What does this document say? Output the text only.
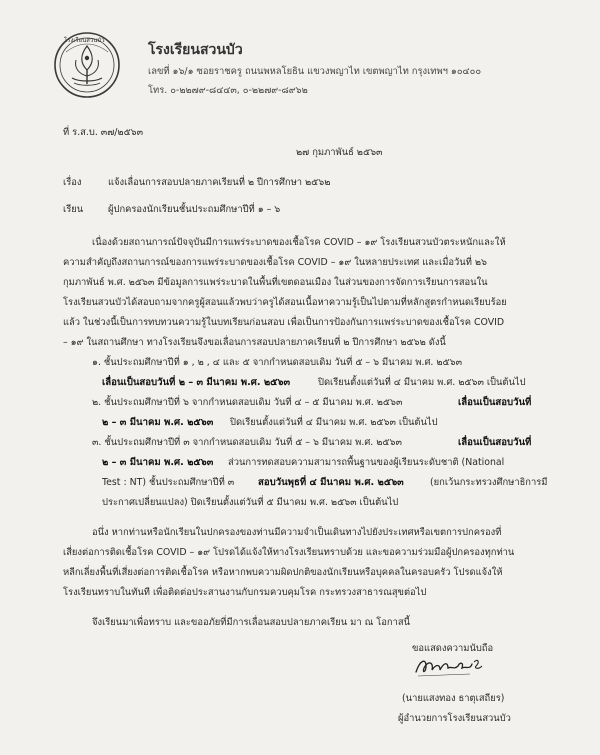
โรงเรียนสวนบัว
โรงเรียนสวนบัว
เลขที่ ๑๖/๑ ซอยราชครู ถนนพหลโยธิน แขวงพญาไท เขตพญาไท กรุงเทพฯ ๑๐๔๐๐
โทร. ๐-๒๒๗๙-๘๔๔๓, ๐-๒๒๗๙-๘๙๖๒
ที่ ร.ส.บ. ๓๗/๒๕๖๓
๒๗ กุมภาพันธ์ ๒๕๖๓
เรื่อง	แจ้งเลื่อนการสอบปลายภาคเรียนที่ ๒ ปีการศึกษา ๒๕๖๒
เรียน	ผู้ปกครองนักเรียนชั้นประถมศึกษาปีที่ ๑ – ๖
เนื่องด้วยสถานการณ์ปัจจุบันมีการแพร่ระบาดของเชื้อโรค COVID – ๑๙ โรงเรียนสวนบัวตระหนักและให้
ความสำคัญถึงสถานการณ์ของการแพร่ระบาดของเชื้อโรค COVID – ๑๙ ในหลายประเทศ และเมื่อวันที่ ๒๖
กุมภาพันธ์ พ.ศ. ๒๕๖๓ มีข้อมูลการแพร่ระบาดในพื้นที่เขตดอนเมือง ในส่วนของการจัดการเรียนการสอนใน
โรงเรียนสวนบัวได้สอบถามจากครูผู้สอนแล้วพบว่าครูได้สอนเนื้อหาความรู้เป็นไปตามที่หลักสูตรกำหนดเรียบร้อย
แล้ว ในช่วงนี้เป็นการทบทวนความรู้ในบทเรียนก่อนสอบ เพื่อเป็นการป้องกันการแพร่ระบาดของเชื้อโรค COVID
– ๑๙ ในสถานศึกษา ทางโรงเรียนจึงขอเลื่อนการสอบปลายภาคเรียนที่ ๒ ปีการศึกษา ๒๕๖๒ ดังนี้
๑. ชั้นประถมศึกษาปีที่ ๑ , ๒ , ๔ และ ๕ จากกำหนดสอบเดิม วันที่ ๕ – ๖ มีนาคม พ.ศ. ๒๕๖๓
เลื่อนเป็นสอบวันที่ ๒ – ๓ มีนาคม พ.ศ. ๒๕๖๓	ปิดเรียนตั้งแต่วันที่ ๔ มีนาคม พ.ศ. ๒๕๖๓ เป็นต้นไป
๒. ชั้นประถมศึกษาปีที่ ๖ จากกำหนดสอบเดิม วันที่ ๔ – ๕ มีนาคม พ.ศ. ๒๕๖๓	เลื่อนเป็นสอบวันที่
๒ – ๓ มีนาคม พ.ศ. ๒๕๖๓ ปิดเรียนตั้งแต่วันที่ ๔ มีนาคม พ.ศ. ๒๕๖๓ เป็นต้นไป
๓. ชั้นประถมศึกษาปีที่ ๓ จากกำหนดสอบเดิม วันที่ ๕ – ๖ มีนาคม พ.ศ. ๒๕๖๓	เลื่อนเป็นสอบวันที่
๒ – ๓ มีนาคม พ.ศ. ๒๕๖๓ ส่วนการทดสอบความสามารถพื้นฐานของผู้เรียนระดับชาติ (National
Test : NT) ชั้นประถมศึกษาปีที่ ๓ สอบวันพุธที่ ๔ มีนาคม พ.ศ. ๒๕๖๓	(ยกเว้นกระทรวงศึกษาธิการมี
ประกาศเปลี่ยนแปลง) ปิดเรียนตั้งแต่วันที่ ๕ มีนาคม พ.ศ. ๒๕๖๓ เป็นต้นไป
อนึ่ง หากท่านหรือนักเรียนในปกครองของท่านมีความจำเป็นเดินทางไปยังประเทศหรือเขตการปกครองที่
เสี่ยงต่อการติดเชื้อโรค COVID – ๑๙ โปรดได้แจ้งให้ทางโรงเรียนทราบด้วย และขอความร่วมมือผู้ปกครองทุกท่าน
หลีกเลี่ยงพื้นที่เสี่ยงต่อการติดเชื้อโรค หรือหากพบความผิดปกติของนักเรียนหรือบุคคลในครอบครัว โปรดแจ้งให้
โรงเรียนทราบในทันที เพื่อติดต่อประสานงานกับกรมควบคุมโรค กระทรวงสาธารณสุขต่อไป
จึงเรียนมาเพื่อทราบ และขออภัยที่มีการเลื่อนสอบปลายภาคเรียน มา ณ โอกาสนี้
ขอแสดงความนับถือ
(นายแสงทอง ธาตุเสถียร)
ผู้อำนวยการโรงเรียนสวนบัว
